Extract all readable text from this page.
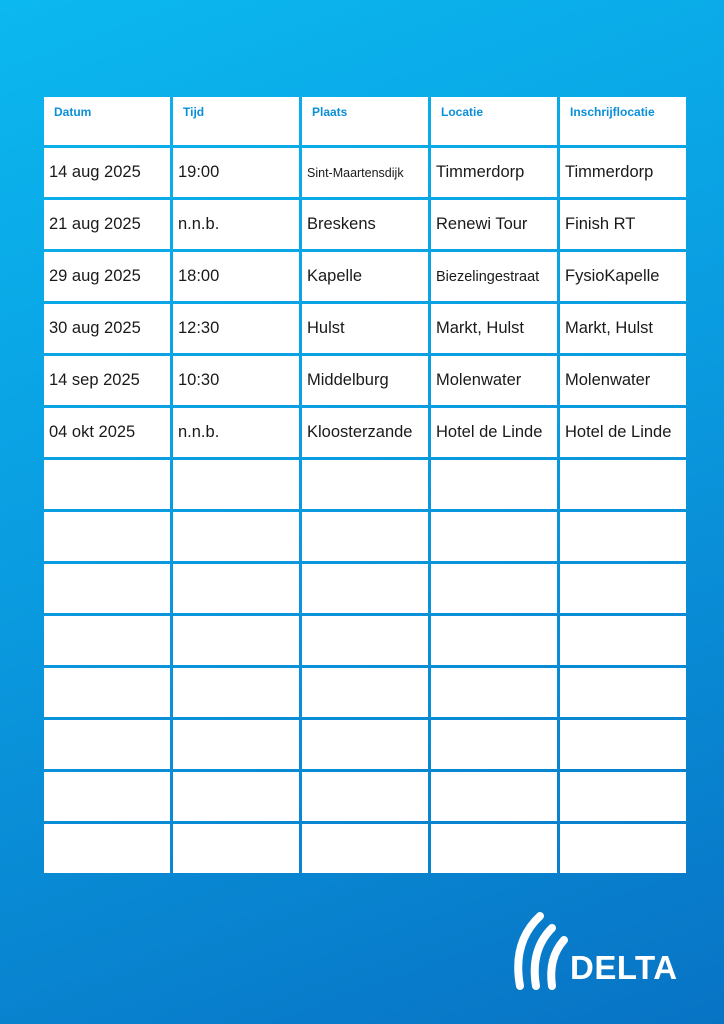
Datum	Tijd	Plaats	Locatie	Inschrijflocatie
14 aug 2025	19:00	Sint-Maartensdijk	Timmerdorp	Timmerdorp
21 aug 2025	n.n.b.	Breskens	Renewi Tour	Finish RT
29 aug 2025	18:00	Kapelle	Biezelingestraat	FysioKapelle
30 aug 2025	12:30	Hulst	Markt, Hulst	Markt, Hulst
14 sep 2025	10:30	Middelburg	Molenwater	Molenwater
04 okt 2025	n.n.b.	Kloosterzande	Hotel de Linde	Hotel de Linde
DELTA
